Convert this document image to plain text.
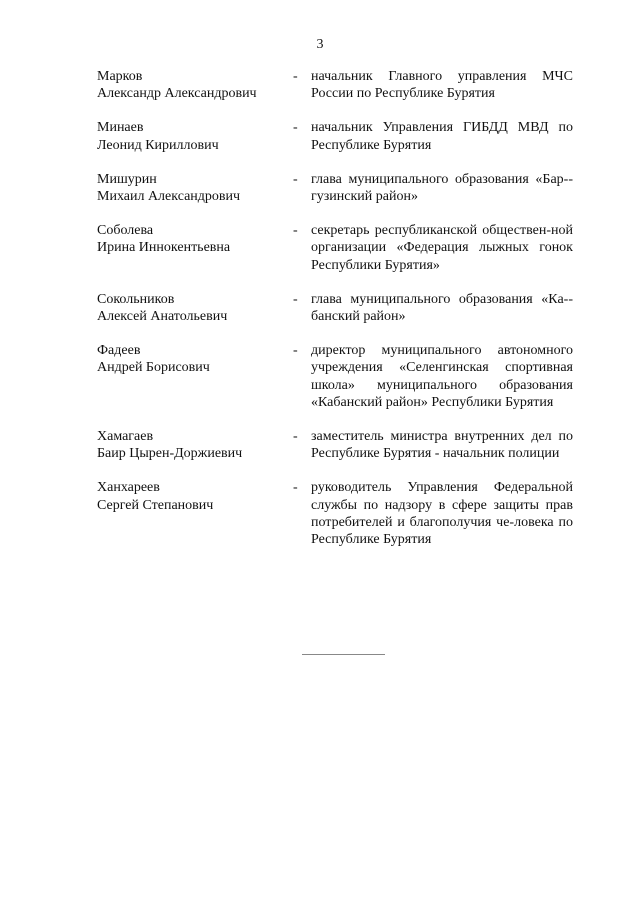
3
Марков
Александр Александрович
- начальник Главного управления МЧС России по Республике Бурятия
Минаев
Леонид Кириллович
- начальник Управления ГИБДД МВД по Республике Бурятия
Мишурин
Михаил Александрович
- глава муниципального образования «Бар-гузинский район»
Соболева
Ирина Иннокентьевна
- секретарь республиканской обществен-ной организации «Федерация лыжных гонок Республики Бурятия»
Сокольников
Алексей Анатольевич
- глава муниципального образования «Ка-банский район»
Фадеев
Андрей Борисович
- директор муниципального автономного учреждения «Селенгинская спортивная школа» муниципального образования «Кабанский район» Республики Бурятия
Хамагаев
Баир Цырен-Доржиевич
- заместитель министра внутренних дел по Республике Бурятия - начальник полиции
Ханхареев
Сергей Степанович
- руководитель Управления Федеральной службы по надзору в сфере защиты прав потребителей и благополучия че-ловека по Республике Бурятия
